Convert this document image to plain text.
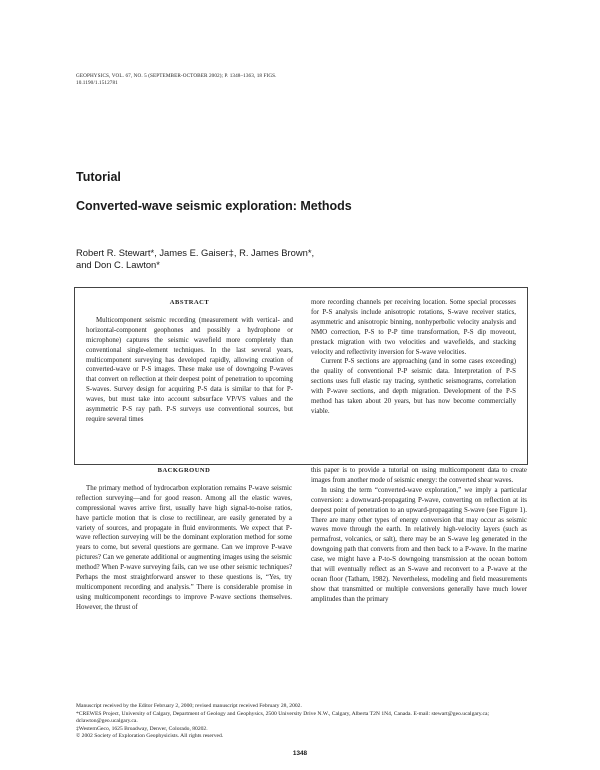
GEOPHYSICS, VOL. 67, NO. 5 (SEPTEMBER-OCTOBER 2002); P. 1348–1363, 18 FIGS.
10.1190/1.1512781
Tutorial
Converted-wave seismic exploration: Methods
Robert R. Stewart*, James E. Gaiser‡, R. James Brown*,
and Don C. Lawton*
ABSTRACT

Multicomponent seismic recording (measurement with vertical- and horizontal-component geophones and possibly a hydrophone or microphone) captures the seismic wavefield more completely than conventional single-element techniques. In the last several years, multicomponent surveying has developed rapidly, allowing creation of converted-wave or P-S images. These make use of downgoing P-waves that convert on reflection at their deepest point of penetration to upcoming S-waves. Survey design for acquiring P-S data is similar to that for P-waves, but must take into account subsurface VP/VS values and the asymmetric P-S ray path. P-S surveys use conventional sources, but require several times

more recording channels per receiving location. Some special processes for P-S analysis include anisotropic rotations, S-wave receiver statics, asymmetric and anisotropic binning, nonhyperbolic velocity analysis and NMO correction, P-S to P-P time transformation, P-S dip moveout, prestack migration with two velocities and wavefields, and stacking velocity and reflectivity inversion for S-wave velocities.

Current P-S sections are approaching (and in some cases exceeding) the quality of conventional P-P seismic data. Interpretation of P-S sections uses full elastic ray tracing, synthetic seismograms, correlation with P-wave sections, and depth migration. Development of the P-S method has taken about 20 years, but has now become commercially viable.

BACKGROUND

The primary method of hydrocarbon exploration remains P-wave seismic reflection surveying—and for good reason. Among all the elastic waves, compressional waves arrive first, usually have high signal-to-noise ratios, have particle motion that is close to rectilinear, are easily generated by a variety of sources, and propagate in fluid environments. We expect that P-wave reflection surveying will be the dominant exploration method for some years to come, but several questions are germane. Can we improve P-wave pictures? Can we generate additional or augmenting images using the seismic method? When P-wave surveying fails, can we use other seismic techniques? Perhaps the most straightforward answer to these questions is, “Yes, try multicomponent recording and analysis.” There is considerable promise in using multicomponent recordings to improve P-wave sections themselves. However, the thrust of

this paper is to provide a tutorial on using multicomponent data to create images from another mode of seismic energy: the converted shear waves.

In using the term “converted-wave exploration,” we imply a particular conversion: a downward-propagating P-wave, converting on reflection at its deepest point of penetration to an upward-propagating S-wave (see Figure 1). There are many other types of energy conversion that may occur as seismic waves move through the earth. In relatively high-velocity layers (such as permafrost, volcanics, or salt), there may be an S-wave leg generated in the downgoing path that converts from and then back to a P-wave. In the marine case, we might have a P-to-S downgoing transmission at the ocean bottom that will eventually reflect as an S-wave and reconvert to a P-wave at the ocean floor (Tatham, 1982). Nevertheless, modeling and field measurements show that transmitted or multiple conversions generally have much lower amplitudes than the primary

Manuscript received by the Editor February 2, 2000; revised manuscript received February 28, 2002.

*CREWES Project, University of Calgary, Department of Geology and Geophysics, 2500 University Drive N.W., Calgary, Alberta T2N 1N4, Canada. E-mail: stewart@geo.ucalgary.ca; dclawton@geo.ucalgary.ca.

‡WesternGeco, 1625 Broadway, Denver, Colorado, 80202.

© 2002 Society of Exploration Geophysicists. All rights reserved.

1348
